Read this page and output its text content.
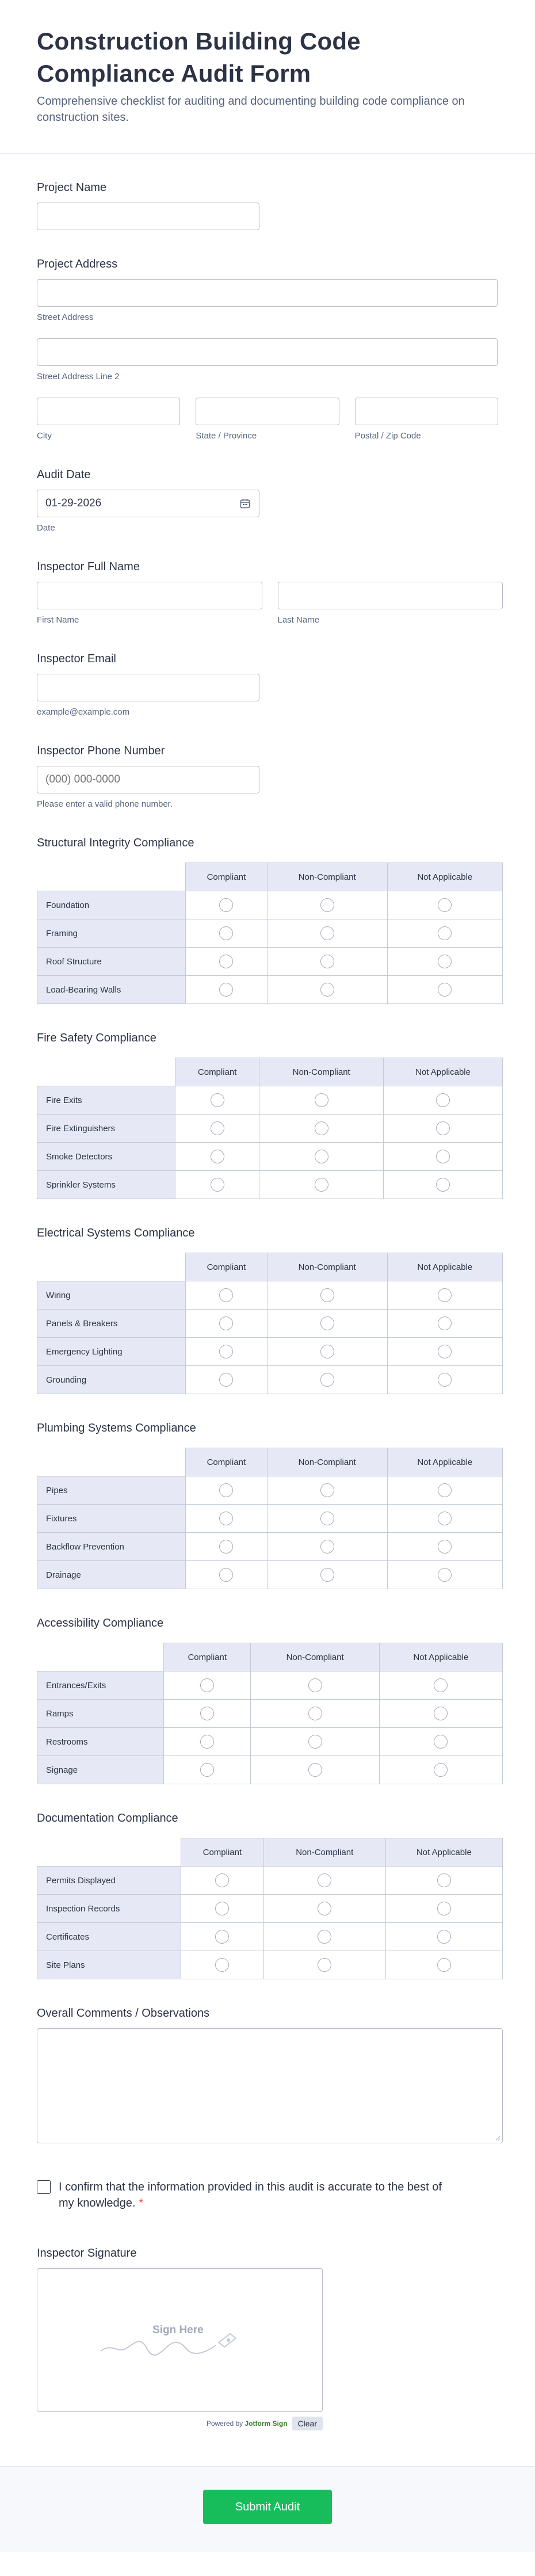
Construction Building Code Compliance Audit Form

Comprehensive checklist for auditing and documenting building code compliance on construction sites.

Project Name
Project Address
Street Address
Street Address Line 2
City	State / Province	Postal / Zip Code
Audit Date
01-29-2026
Date
Inspector Full Name
First Name	Last Name
Inspector Email
example@example.com
Inspector Phone Number
(000) 000-0000
Please enter a valid phone number.
Structural Integrity Compliance
	Compliant	Non-Compliant	Not Applicable
Foundation			
Framing			
Roof Structure			
Load-Bearing Walls			
Fire Safety Compliance
	Compliant	Non-Compliant	Not Applicable
Fire Exits			
Fire Extinguishers			
Smoke Detectors			
Sprinkler Systems			
Electrical Systems Compliance
	Compliant	Non-Compliant	Not Applicable
Wiring			
Panels & Breakers			
Emergency Lighting			
Grounding			
Plumbing Systems Compliance
	Compliant	Non-Compliant	Not Applicable
Pipes			
Fixtures			
Backflow Prevention			
Drainage			
Accessibility Compliance
	Compliant	Non-Compliant	Not Applicable
Entrances/Exits			
Ramps			
Restrooms			
Signage			
Documentation Compliance
	Compliant	Non-Compliant	Not Applicable
Permits Displayed			
Inspection Records			
Certificates			
Site Plans			
Overall Comments / Observations
I confirm that the information provided in this audit is accurate to the best of my knowledge. *
Inspector Signature
Sign Here
Powered by Jotform Sign	Clear
Submit Audit
